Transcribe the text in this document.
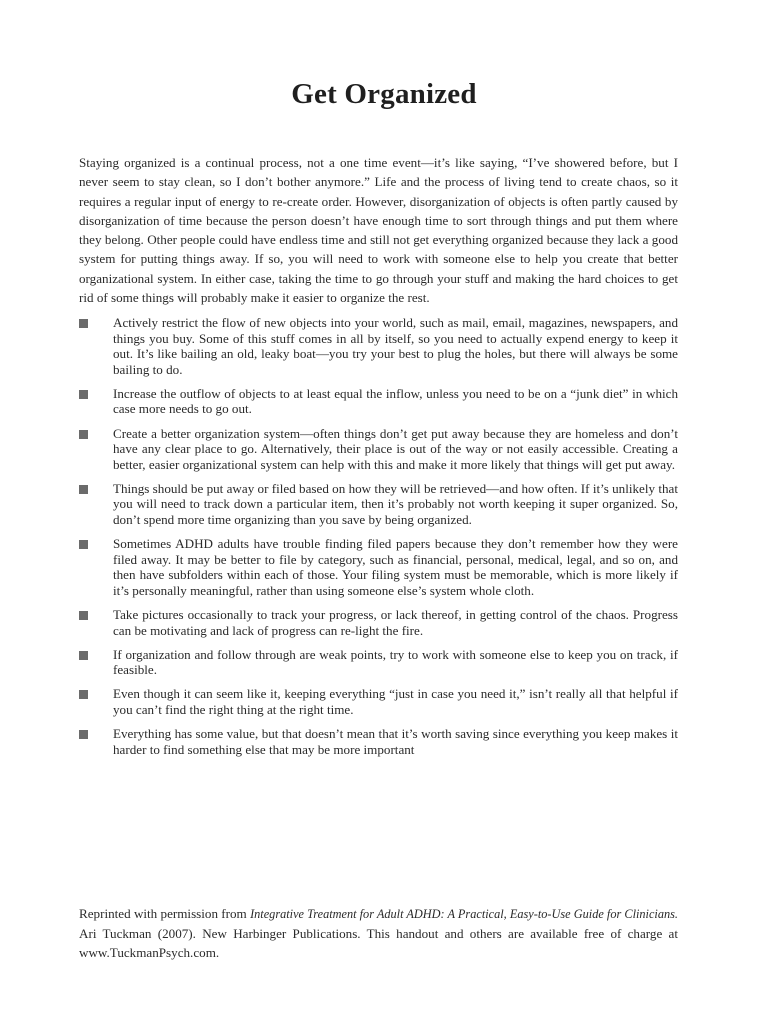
Get Organized

Staying organized is a continual process, not a one time event—it’s like saying, “I’ve showered before, but I never seem to stay clean, so I don’t bother anymore.” Life and the process of living tend to create chaos, so it requires a regular input of energy to re-create order. However, disorganization of objects is often partly caused by disorganization of time because the person doesn’t have enough time to sort through things and put them where they belong. Other people could have endless time and still not get everything organized because they lack a good system for putting things away. If so, you will need to work with someone else to help you create that better organizational system. In either case, taking the time to go through your stuff and making the hard choices to get rid of some things will probably make it easier to organize the rest.

Actively restrict the flow of new objects into your world, such as mail, email, magazines, newspapers, and things you buy. Some of this stuff comes in all by itself, so you need to actually expend energy to keep it out. It’s like bailing an old, leaky boat—you try your best to plug the holes, but there will always be some bailing to do.
Increase the outflow of objects to at least equal the inflow, unless you need to be on a “junk diet” in which case more needs to go out.
Create a better organization system—often things don’t get put away because they are homeless and don’t have any clear place to go. Alternatively, their place is out of the way or not easily accessible. Creating a better, easier organizational system can help with this and make it more likely that things will get put away.
Things should be put away or filed based on how they will be retrieved—and how often. If it’s unlikely that you will need to track down a particular item, then it’s probably not worth keeping it super organized. So, don’t spend more time organizing than you save by being organized.
Sometimes ADHD adults have trouble finding filed papers because they don’t remember how they were filed away. It may be better to file by category, such as financial, personal, medical, legal, and so on, and then have subfolders within each of those. Your filing system must be memorable, which is more likely if it’s personally meaningful, rather than using someone else’s system whole cloth.
Take pictures occasionally to track your progress, or lack thereof, in getting control of the chaos. Progress can be motivating and lack of progress can re-light the fire.
If organization and follow through are weak points, try to work with someone else to keep you on track, if feasible.
Even though it can seem like it, keeping everything “just in case you need it,” isn’t really all that helpful if you can’t find the right thing at the right time.
Everything has some value, but that doesn’t mean that it’s worth saving since everything you keep makes it harder to find something else that may be more important

Reprinted with permission from Integrative Treatment for Adult ADHD: A Practical, Easy-to-Use Guide for Clinicians. Ari Tuckman (2007). New Harbinger Publications. This handout and others are available free of charge at www.TuckmanPsych.com.
